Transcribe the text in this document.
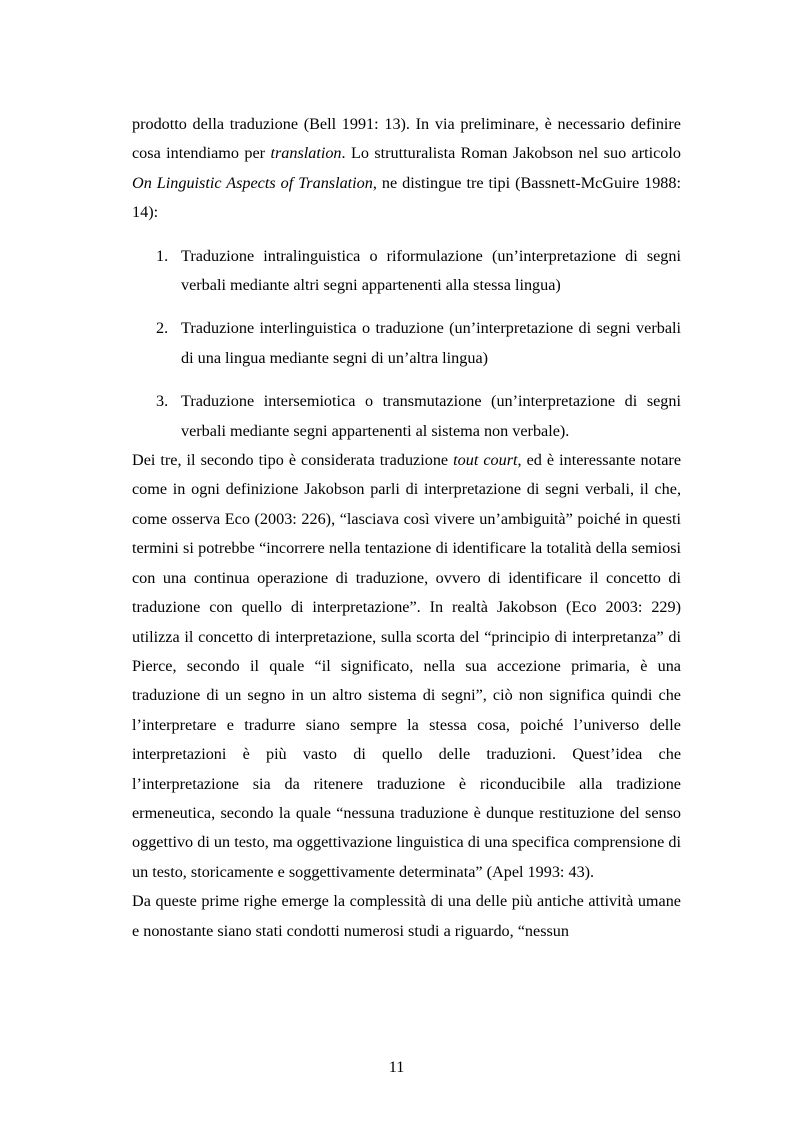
prodotto della traduzione (Bell 1991: 13). In via preliminare, è necessario definire cosa intendiamo per translation. Lo strutturalista Roman Jakobson nel suo articolo On Linguistic Aspects of Translation, ne distingue tre tipi (Bassnett-McGuire 1988: 14):

1. Traduzione intralinguistica o riformulazione (un’interpretazione di segni verbali mediante altri segni appartenenti alla stessa lingua)
2. Traduzione interlinguistica o traduzione (un’interpretazione di segni verbali di una lingua mediante segni di un’altra lingua)
3. Traduzione intersemiotica o transmutazione (un’interpretazione di segni verbali mediante segni appartenenti al sistema non verbale).

Dei tre, il secondo tipo è considerata traduzione tout court, ed è interessante notare come in ogni definizione Jakobson parli di interpretazione di segni verbali, il che, come osserva Eco (2003: 226), “lasciava così vivere un’ambiguità” poiché in questi termini si potrebbe “incorrere nella tentazione di identificare la totalità della semiosi con una continua operazione di traduzione, ovvero di identificare il concetto di traduzione con quello di interpretazione”. In realtà Jakobson (Eco 2003: 229) utilizza il concetto di interpretazione, sulla scorta del “principio di interpretanza” di Pierce, secondo il quale “il significato, nella sua accezione primaria, è una traduzione di un segno in un altro sistema di segni”, ciò non significa quindi che l’interpretare e tradurre siano sempre la stessa cosa, poiché l’universo delle interpretazioni è più vasto di quello delle traduzioni. Quest’idea che l’interpretazione sia da ritenere traduzione è riconducibile alla tradizione ermeneutica, secondo la quale “nessuna traduzione è dunque restituzione del senso oggettivo di un testo, ma oggettivazione linguistica di una specifica comprensione di un testo, storicamente e soggettivamente determinata” (Apel 1993: 43).

Da queste prime righe emerge la complessità di una delle più antiche attività umane e nonostante siano stati condotti numerosi studi a riguardo, “nessun

11
